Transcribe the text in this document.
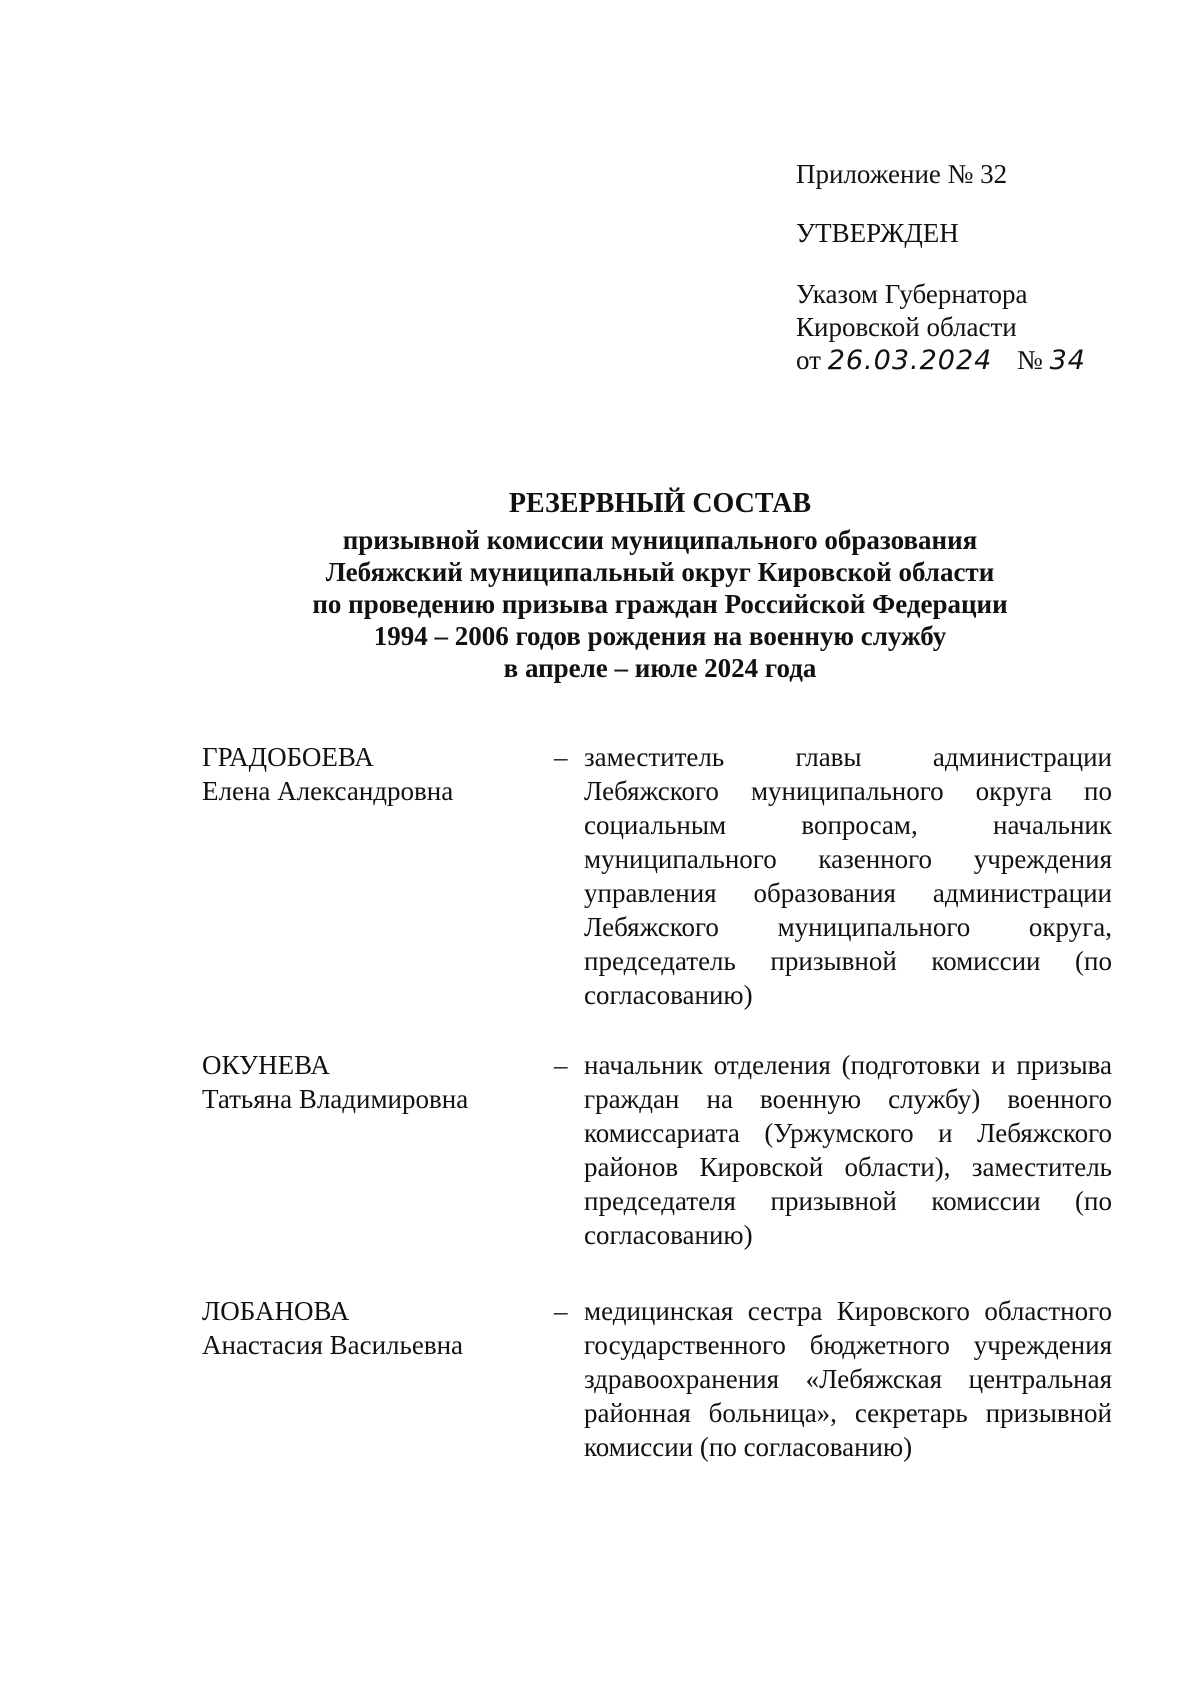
Приложение № 32
УТВЕРЖДЕН
Указом Губернатора
Кировской области
от 26.03.2024 № 34
РЕЗЕРВНЫЙ СОСТАВ
призывной комиссии муниципального образования
Лебяжский муниципальный округ Кировской области
по проведению призыва граждан Российской Федерации
1994 – 2006 годов рождения на военную службу
в апреле – июле 2024 года
ГРАДОБОЕВА
Елена Александровна
– заместитель главы администрации Лебяжского муниципального округа по социальным вопросам, начальник муниципального казенного учреждения управления образования администрации Лебяжского муниципального округа, председатель призывной комиссии (по согласованию)
ОКУНЕВА
Татьяна Владимировна
– начальник отделения (подготовки и призыва граждан на военную службу) военного комиссариата (Уржумского и Лебяжского районов Кировской области), заместитель председателя призывной комиссии (по согласованию)
ЛОБАНОВА
Анастасия Васильевна
– медицинская сестра Кировского областного государственного бюджетного учреждения здравоохранения «Лебяжская центральная районная больница», секретарь призывной комиссии (по согласованию)
